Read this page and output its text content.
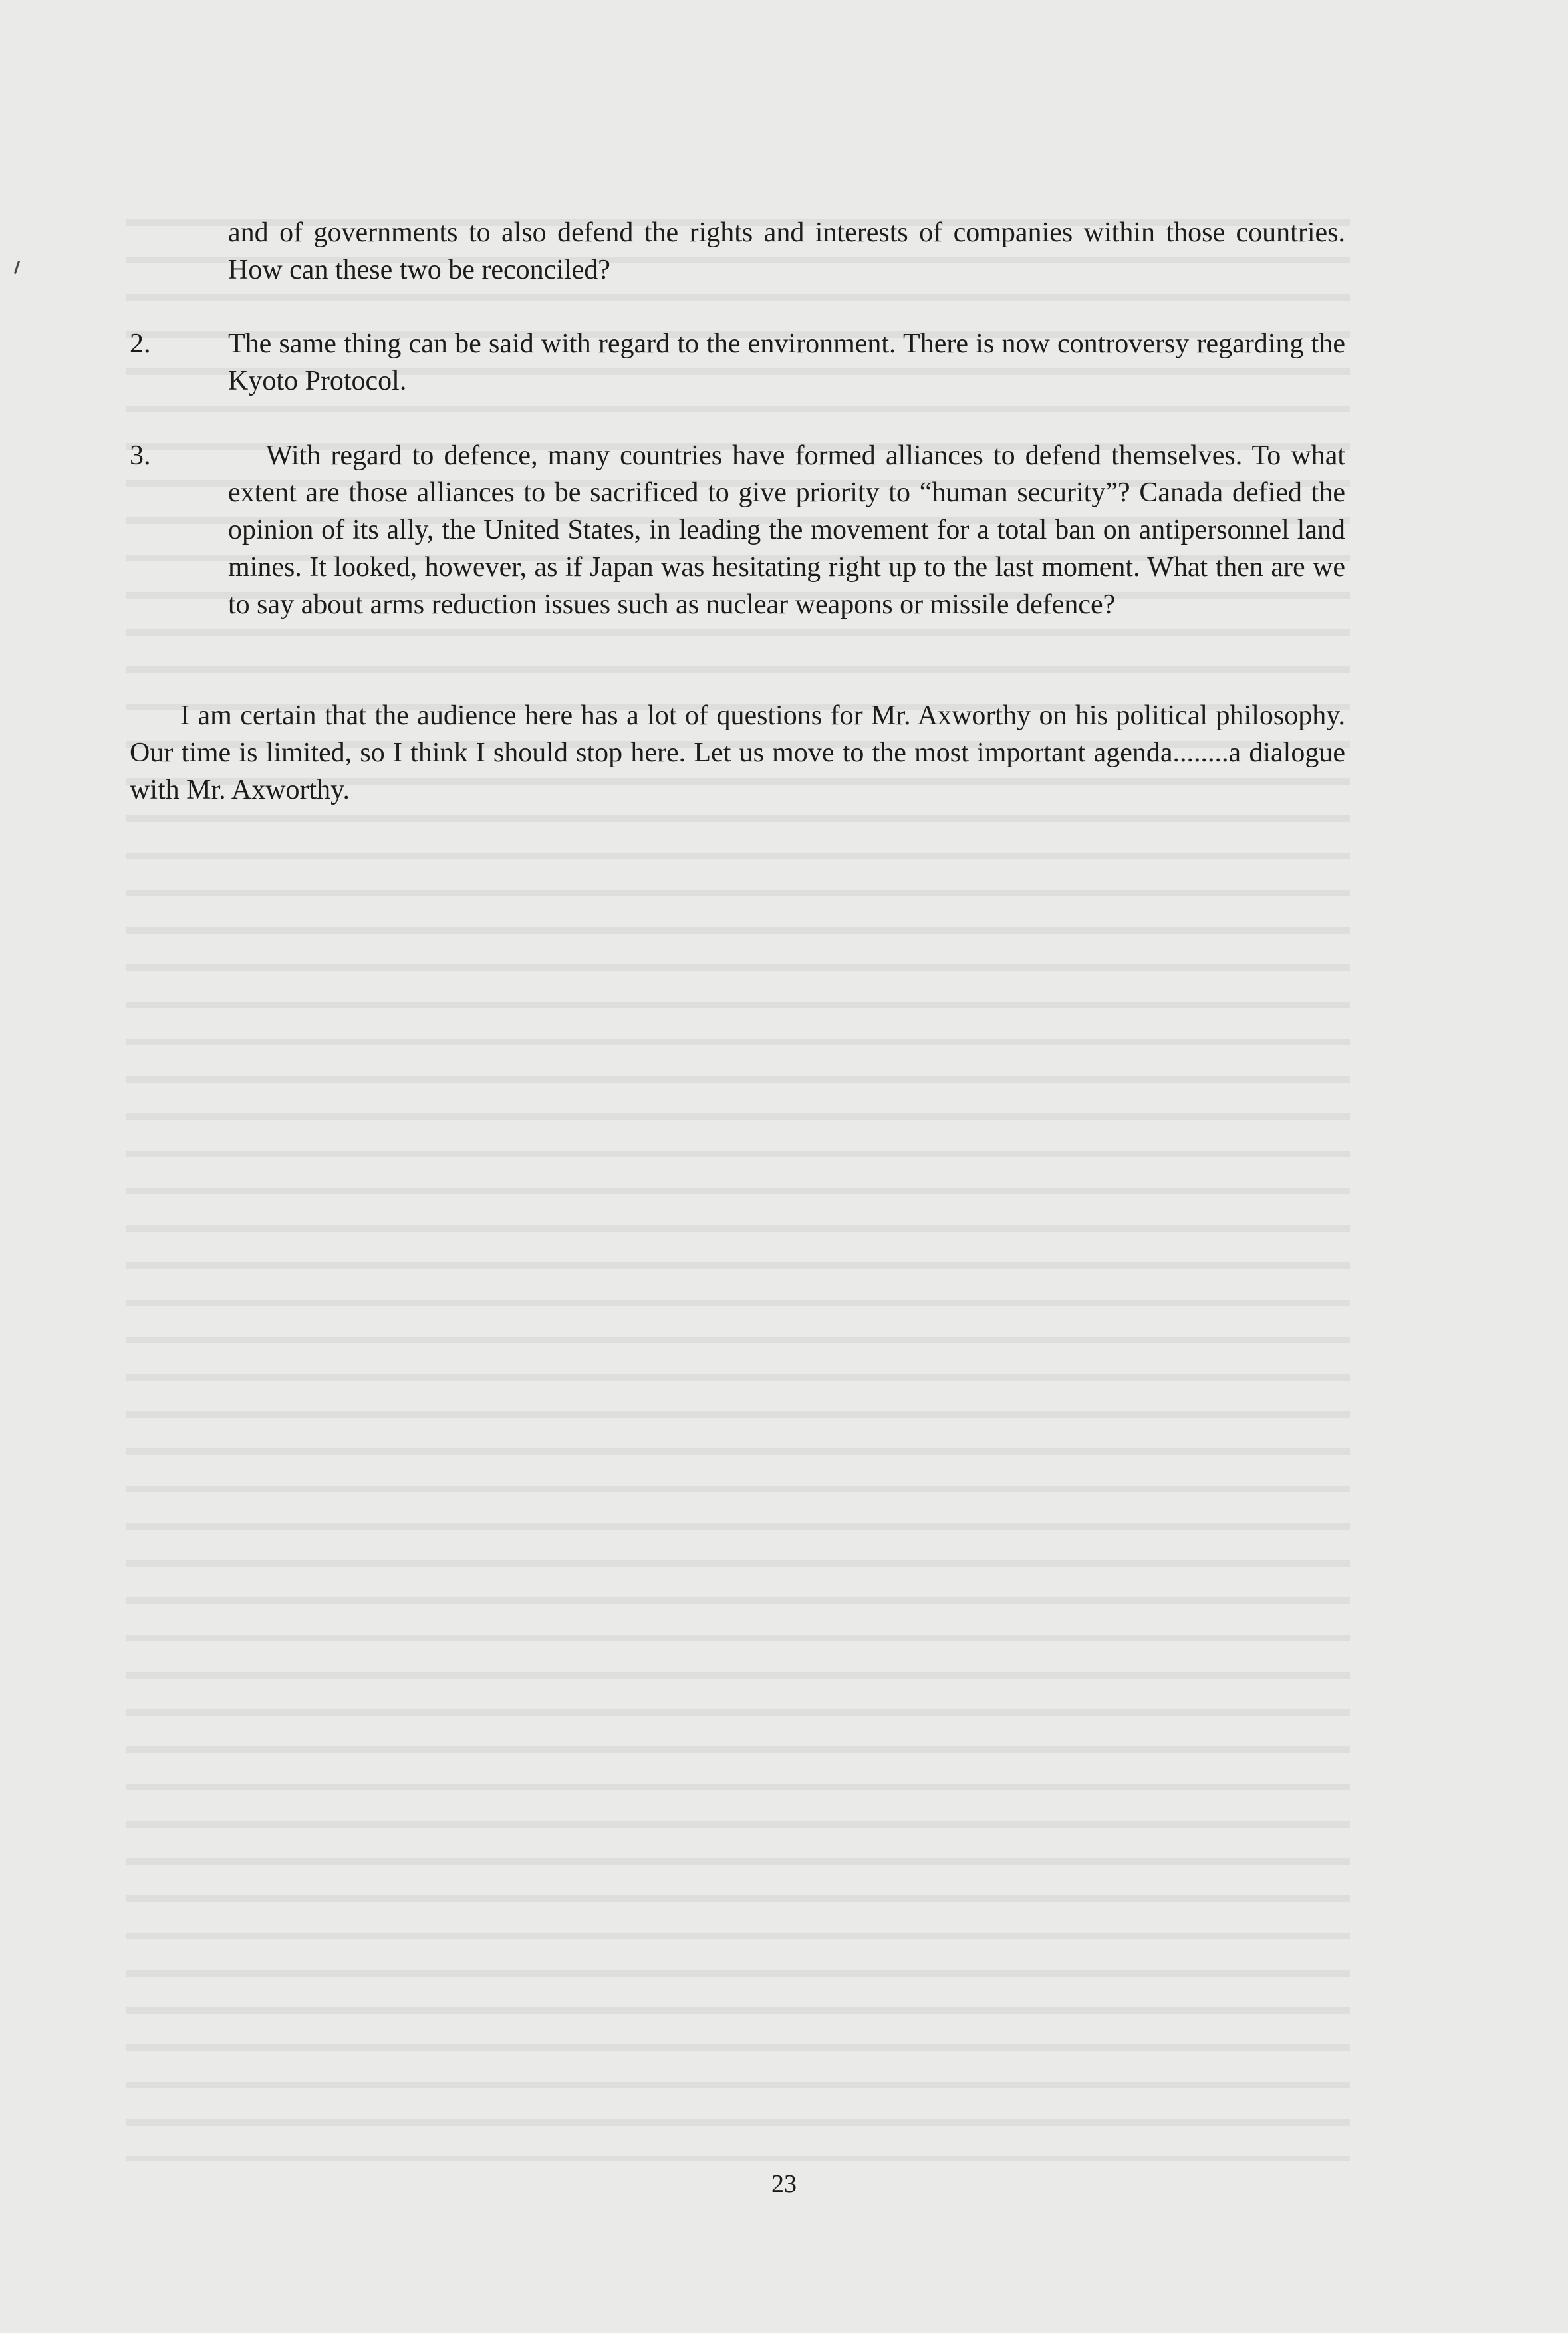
and of governments to also defend the rights and interests of companies within those countries. How can these two be reconciled?

2.	The same thing can be said with regard to the environment. There is now controversy regarding the Kyoto Protocol.

3.	With regard to defence, many countries have formed alliances to defend themselves. To what extent are those alliances to be sacrificed to give priority to “human security”? Canada defied the opinion of its ally, the United States, in leading the movement for a total ban on antipersonnel land mines. It looked, however, as if Japan was hesitating right up to the last moment. What then are we to say about arms reduction issues such as nuclear weapons or missile defence?

I am certain that the audience here has a lot of questions for Mr. Axworthy on his political philosophy. Our time is limited, so I think I should stop here. Let us move to the most important agenda........a dialogue with Mr. Axworthy.

23
